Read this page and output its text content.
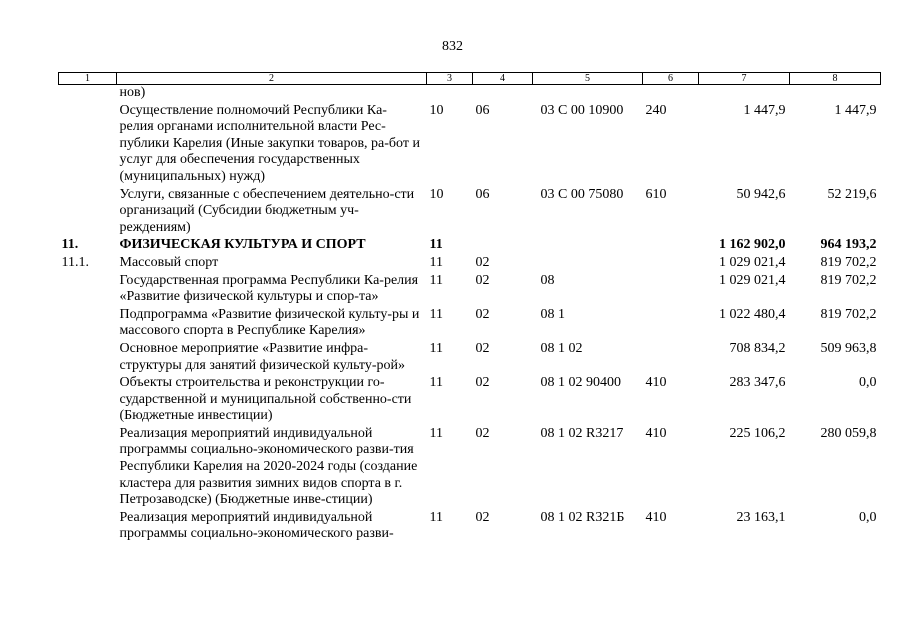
832
1	2	3	4	5	6	7	8
	нов)						
	Осуществление полномочий Республики Ка-релия органами исполнительной власти Рес-публики Карелия (Иные закупки товаров, ра-бот и услуг для обеспечения государственных (муниципальных) нужд)	10	06	03 С 00 10900	240	1 447,9	1 447,9
	Услуги, связанные с обеспечением деятельно-сти организаций (Субсидии бюджетным уч-реждениям)	10	06	03 С 00 75080	610	50 942,6	52 219,6
11.	ФИЗИЧЕСКАЯ КУЛЬТУРА И СПОРТ	11				1 162 902,0	964 193,2
11.1.	Массовый спорт	11	02			1 029 021,4	819 702,2
	Государственная программа Республики Ка-релия «Развитие физической культуры и спор-та»	11	02	08		1 029 021,4	819 702,2
	Подпрограмма «Развитие физической культу-ры и массового спорта в Республике Карелия»	11	02	08 1		1 022 480,4	819 702,2
	Основное мероприятие «Развитие инфра-структуры для занятий физической культу-рой»	11	02	08 1 02		708 834,2	509 963,8
	Объекты строительства и реконструкции го-сударственной и муниципальной собственно-сти (Бюджетные инвестиции)	11	02	08 1 02 90400	410	283 347,6	0,0
	Реализация мероприятий индивидуальной программы социально-экономического разви-тия Республики Карелия на 2020-2024 годы (создание кластера для развития зимних видов спорта в г. Петрозаводске) (Бюджетные инве-стиции)	11	02	08 1 02 R3217	410	225 106,2	280 059,8
	Реализация мероприятий индивидуальной программы социально-экономического разви-	11	02	08 1 02 R321Б	410	23 163,1	0,0
